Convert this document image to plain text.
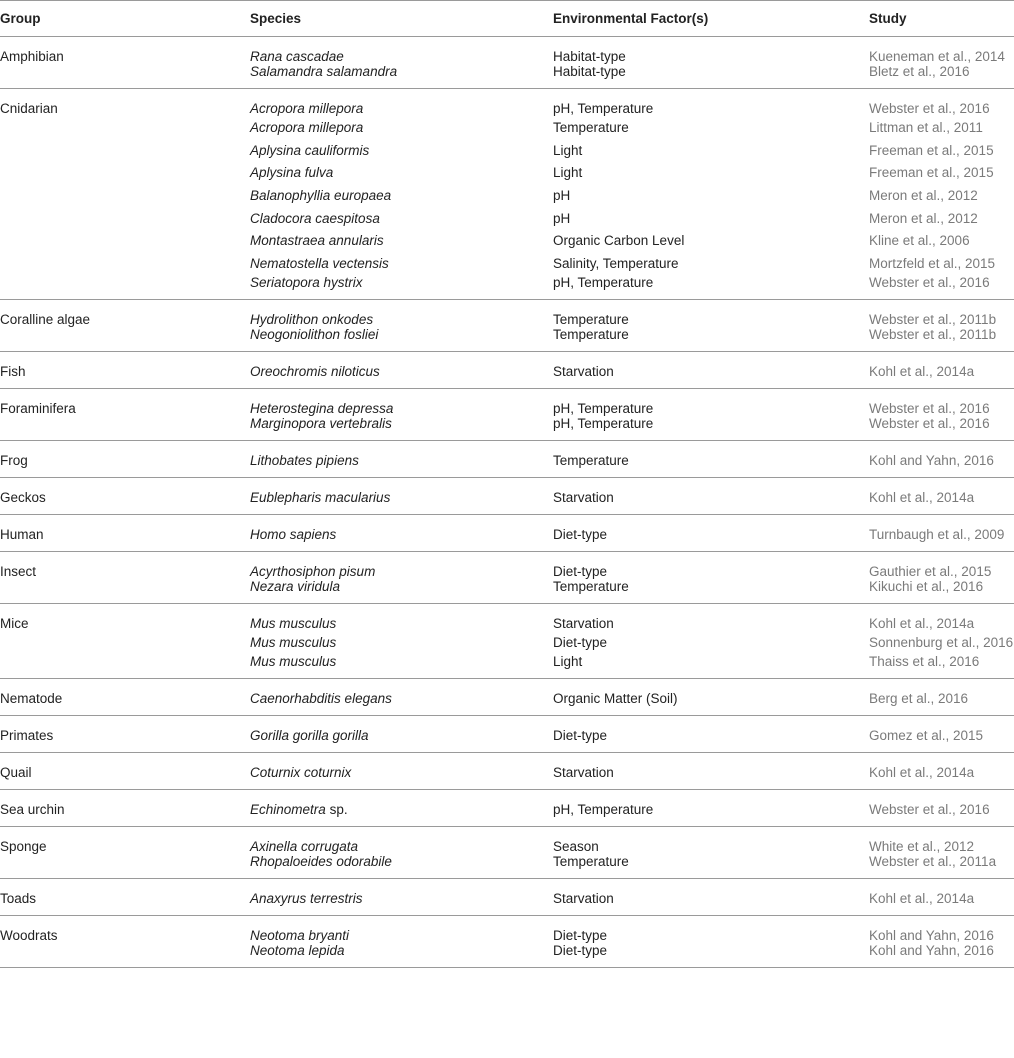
Group	Species	Environmental Factor(s)	Study
Amphibian	Rana cascadae	Habitat-type	Kueneman et al., 2014
	Salamandra salamandra	Habitat-type	Bletz et al., 2016
Cnidarian	Acropora millepora	pH, Temperature	Webster et al., 2016
	Acropora millepora	Temperature	Littman et al., 2011
	Aplysina cauliformis	Light	Freeman et al., 2015
	Aplysina fulva	Light	Freeman et al., 2015
	Balanophyllia europaea	pH	Meron et al., 2012
	Cladocora caespitosa	pH	Meron et al., 2012
	Montastraea annularis	Organic Carbon Level	Kline et al., 2006
	Nematostella vectensis	Salinity, Temperature	Mortzfeld et al., 2015
	Seriatopora hystrix	pH, Temperature	Webster et al., 2016
Coralline algae	Hydrolithon onkodes	Temperature	Webster et al., 2011b
	Neogoniolithon fosliei	Temperature	Webster et al., 2011b
Fish	Oreochromis niloticus	Starvation	Kohl et al., 2014a
Foraminifera	Heterostegina depressa	pH, Temperature	Webster et al., 2016
	Marginopora vertebralis	pH, Temperature	Webster et al., 2016
Frog	Lithobates pipiens	Temperature	Kohl and Yahn, 2016
Geckos	Eublepharis macularius	Starvation	Kohl et al., 2014a
Human	Homo sapiens	Diet-type	Turnbaugh et al., 2009
Insect	Acyrthosiphon pisum	Diet-type	Gauthier et al., 2015
	Nezara viridula	Temperature	Kikuchi et al., 2016
Mice	Mus musculus	Starvation	Kohl et al., 2014a
	Mus musculus	Diet-type	Sonnenburg et al., 2016
	Mus musculus	Light	Thaiss et al., 2016
Nematode	Caenorhabditis elegans	Organic Matter (Soil)	Berg et al., 2016
Primates	Gorilla gorilla gorilla	Diet-type	Gomez et al., 2015
Quail	Coturnix coturnix	Starvation	Kohl et al., 2014a
Sea urchin	Echinometra sp.	pH, Temperature	Webster et al., 2016
Sponge	Axinella corrugata	Season	White et al., 2012
	Rhopaloeides odorabile	Temperature	Webster et al., 2011a
Toads	Anaxyrus terrestris	Starvation	Kohl et al., 2014a
Woodrats	Neotoma bryanti	Diet-type	Kohl and Yahn, 2016
	Neotoma lepida	Diet-type	Kohl and Yahn, 2016
